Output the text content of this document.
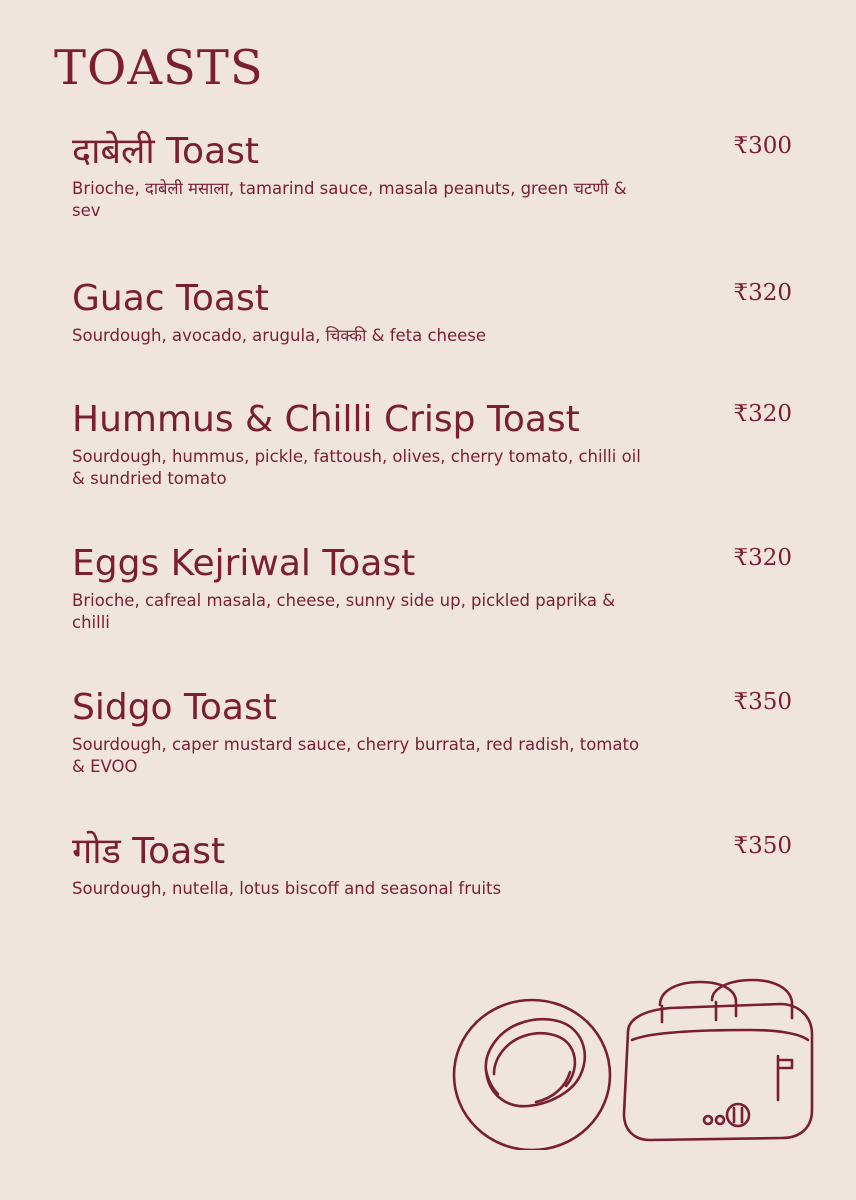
TOASTS
दाबेली Toast
Brioche, दाबेली मसाला, tamarind sauce, masala peanuts, green चटणी & sev
₹300
Guac Toast
Sourdough, avocado, arugula, चिक्की & feta cheese
₹320
Hummus & Chilli Crisp Toast
Sourdough, hummus, pickle, fattoush, olives, cherry tomato, chilli oil & sundried tomato
₹320
Eggs Kejriwal Toast
Brioche, cafreal masala, cheese, sunny side up, pickled paprika & chilli
₹320
Sidgo Toast
Sourdough, caper mustard sauce, cherry burrata, red radish, tomato & EVOO
₹350
गोड Toast
Sourdough, nutella, lotus biscoff and seasonal fruits
₹350
